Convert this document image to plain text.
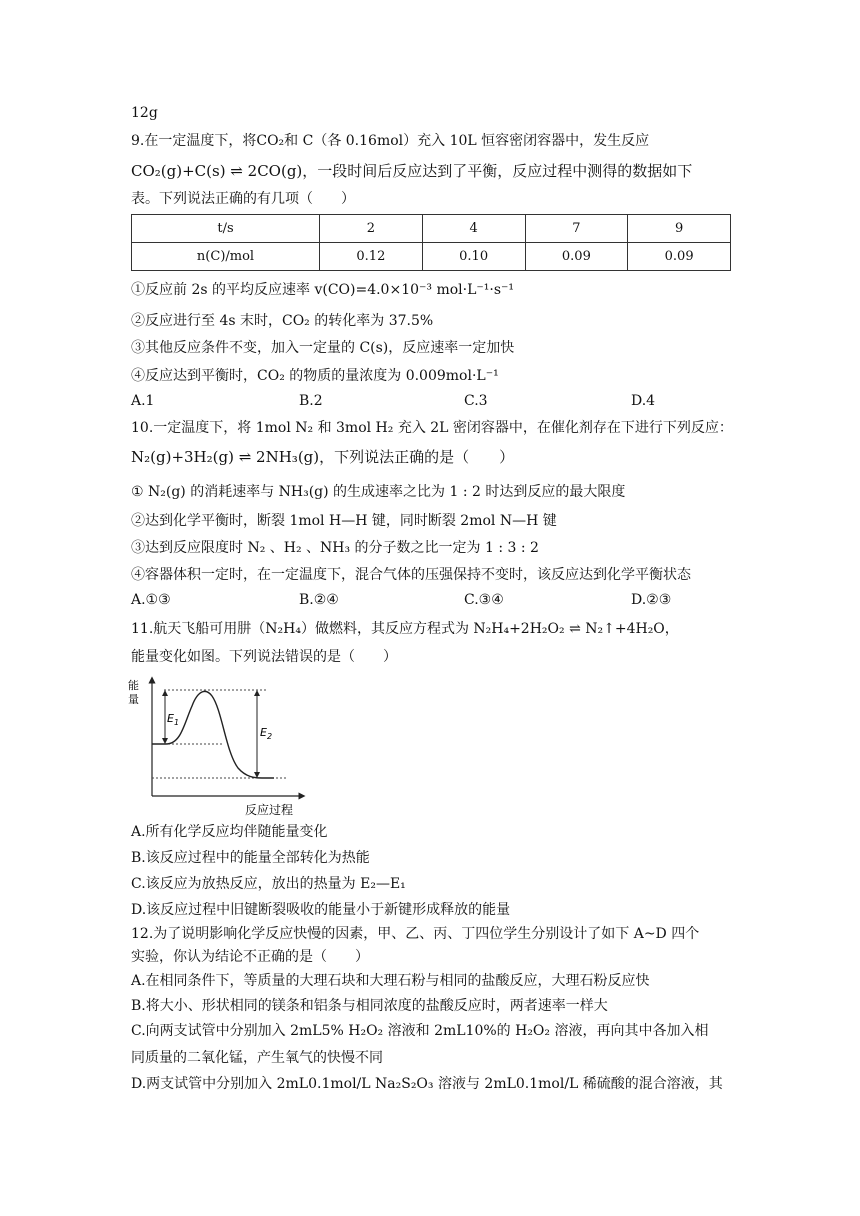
12g
9.在一定温度下，将CO₂和 C（各 0.16mol）充入 10L 恒容密闭容器中，发生反应
CO₂(g)+C(s) ⇌ 2CO(g)，一段时间后反应达到了平衡，反应过程中测得的数据如下
表。下列说法正确的有几项（　　）
t/s	2	4	7	9
n(C)/mol	0.12	0.10	0.09	0.09
①反应前 2s 的平均反应速率 v(CO)=4.0×10⁻³ mol·L⁻¹·s⁻¹
②反应进行至 4s 末时，CO₂ 的转化率为 37.5%
③其他反应条件不变，加入一定量的 C(s)，反应速率一定加快
④反应达到平衡时，CO₂ 的物质的量浓度为 0.009mol·L⁻¹
A.1	B.2	C.3	D.4
10.一定温度下，将 1mol N₂ 和 3mol H₂ 充入 2L 密闭容器中，在催化剂存在下进行下列反应：
N₂(g)+3H₂(g) ⇌ 2NH₃(g)，下列说法正确的是（　　）
① N₂(g) 的消耗速率与 NH₃(g) 的生成速率之比为 1 : 2 时达到反应的最大限度
②达到化学平衡时，断裂 1mol H—H 键，同时断裂 2mol N—H 键
③达到反应限度时 N₂ 、H₂ 、NH₃ 的分子数之比一定为 1 : 3 : 2
④容器体积一定时，在一定温度下，混合气体的压强保持不变时，该反应达到化学平衡状态
A.①③	B.②④	C.③④	D.②③
11.航天飞船可用肼（N₂H₄）做燃料，其反应方程式为 N₂H₄+2H₂O₂ ⇌ N₂↑+4H₂O，
能量变化如图。下列说法错误的是（　　）
能
量
$E_1$
$E_2$
反应过程
A.所有化学反应均伴随能量变化
B.该反应过程中的能量全部转化为热能
C.该反应为放热反应，放出的热量为 E₂—E₁
D.该反应过程中旧键断裂吸收的能量小于新键形成释放的能量
12.为了说明影响化学反应快慢的因素，甲、乙、丙、丁四位学生分别设计了如下 A~D 四个
实验，你认为结论不正确的是（　　）
A.在相同条件下，等质量的大理石块和大理石粉与相同的盐酸反应，大理石粉反应快
B.将大小、形状相同的镁条和铝条与相同浓度的盐酸反应时，两者速率一样大
C.向两支试管中分别加入 2mL5% H₂O₂ 溶液和 2mL10%的 H₂O₂ 溶液，再向其中各加入相
同质量的二氧化锰，产生氧气的快慢不同
D.两支试管中分别加入 2mL0.1mol/L Na₂S₂O₃ 溶液与 2mL0.1mol/L 稀硫酸的混合溶液，其
